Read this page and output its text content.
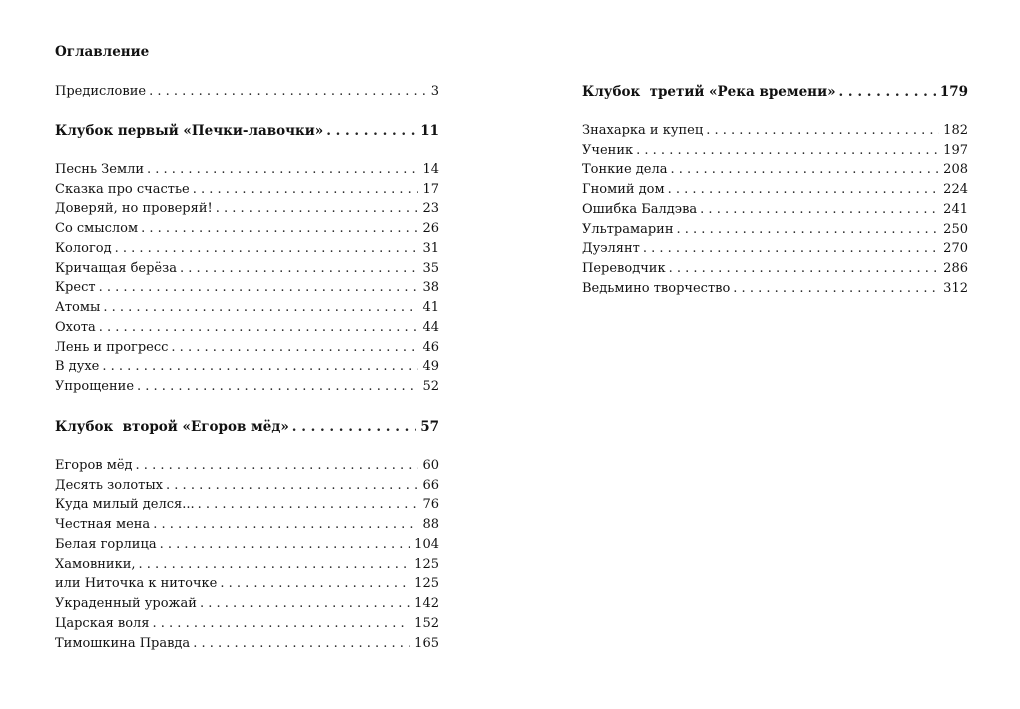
Оглавление
Предисловие . . .	3
Клубок первый «Печки-лавочки» . . .	11
Песнь Земли . . .	14
Сказка про счастье . . .	17
Доверяй, но проверяй! . . .	23
Со смыслом . . .	26
Кологод . . .	31
Кричащая берёза . . .	35
Крест . . .	38
Атомы . . .	41
Охота . . .	44
Лень и прогресс . . .	46
В духе . . .	49
Упрощение . . .	52
Клубок  второй «Егоров мёд» . . .	57
Егоров мёд . . .	60
Десять золотых . . .	66
Куда милый делся... . . .	76
Честная мена . . .	88
Белая горлица . . .	104
Хамовники, . . .	125
или Ниточка к ниточке . . .	125
Украденный урожай . . .	142
Царская воля . . .	152
Тимошкина Правда . . .	165
Клубок  третий «Река времени» . . .	179
Знахарка и купец . . .	182
Ученик . . .	197
Тонкие дела . . .	208
Гномий дом . . .	224
Ошибка Балдэва . . .	241
Ультрамарин . . .	250
Дуэлянт . . .	270
Переводчик . . .	286
Ведьмино творчество . . .	312
